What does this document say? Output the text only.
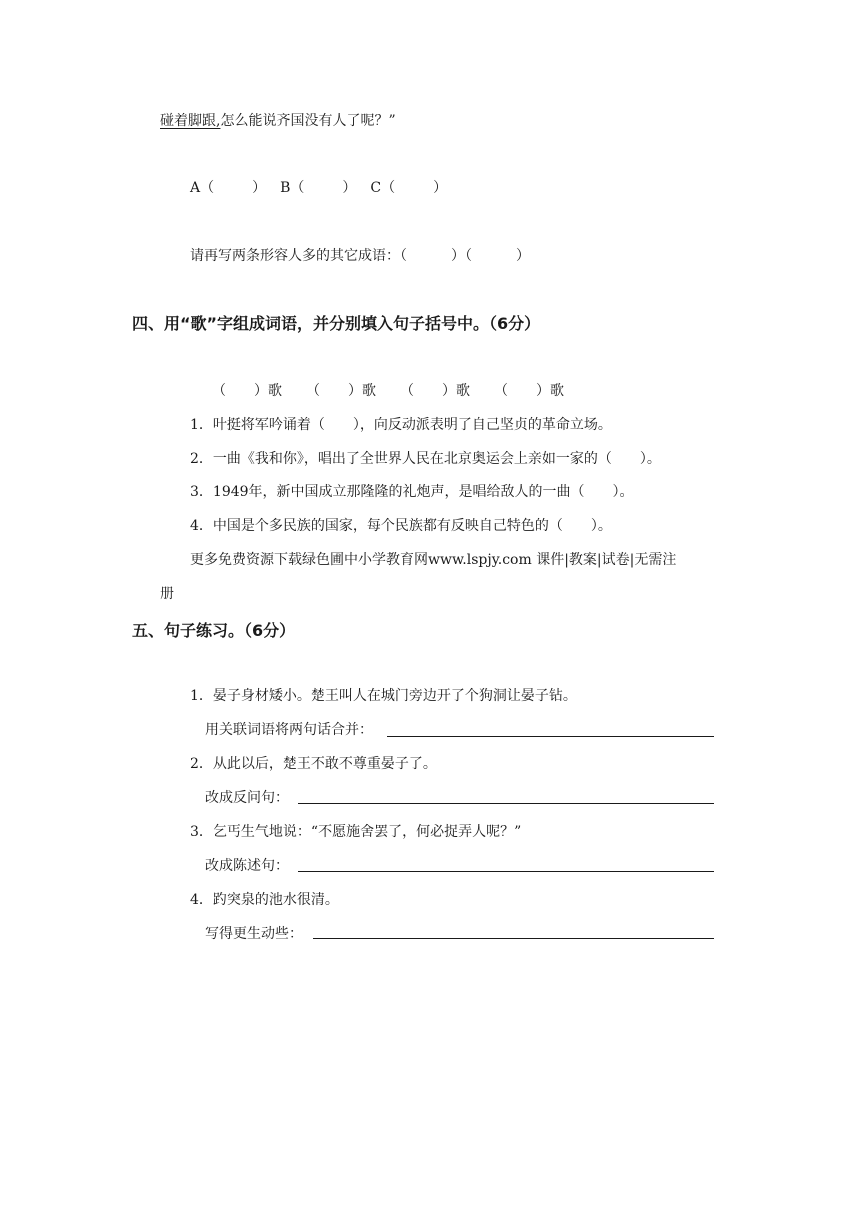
碰着脚跟,怎么能说齐国没有人了呢？”
A（	） B（	） C（	）
请再写两条形容人多的其它成语：（	）（	）
四、用“歌”字组成词语，并分别填入句子括号中。（6分）
（　　）歌 （　　）歌 （　　）歌 （　　）歌
1．叶挺将军吟诵着（　　），向反动派表明了自己坚贞的革命立场。
2．一曲《我和你》，唱出了全世界人民在北京奥运会上亲如一家的（　　）。
3．1949年，新中国成立那隆隆的礼炮声，是唱给敌人的一曲（　　）。
4．中国是个多民族的国家，每个民族都有反映自己特色的（　　）。
更多免费资源下载绿色圃中小学教育网www.lspjy.com 课件|教案|试卷|无需注
册
五、句子练习。（6分）
1．晏子身材矮小。楚王叫人在城门旁边开了个狗洞让晏子钻。
用关联词语将两句话合并：
2．从此以后，楚王不敢不尊重晏子了。
改成反问句：
3．乞丐生气地说：“不愿施舍罢了，何必捉弄人呢？”
改成陈述句：
4．趵突泉的池水很清。
写得更生动些：
